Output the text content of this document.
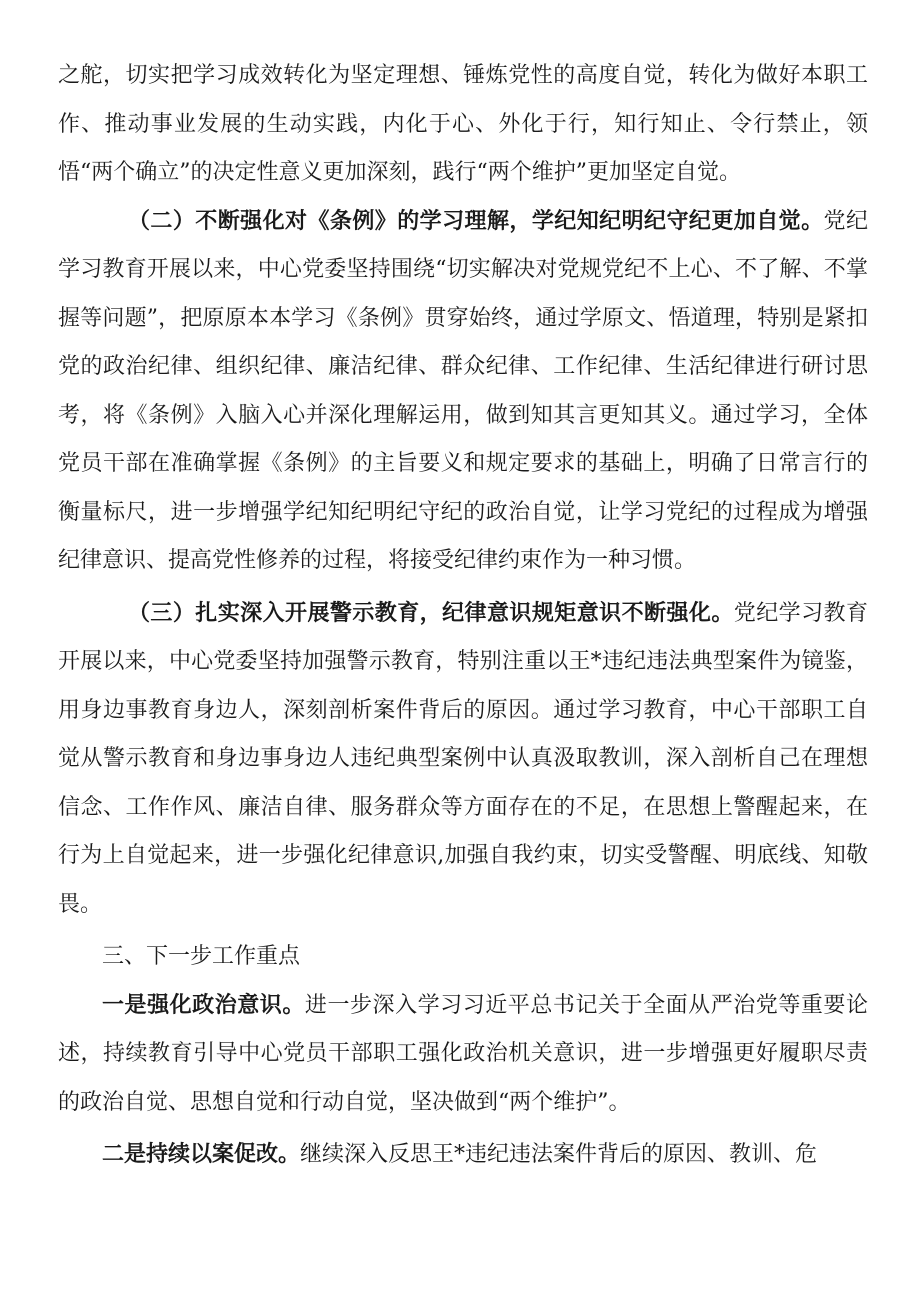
之舵，切实把学习成效转化为坚定理想、锤炼党性的高度自觉，转化为做好本职工作、推动事业发展的生动实践，内化于心、外化于行，知行知止、令行禁止，领悟“两个确立”的决定性意义更加深刻，践行“两个维护”更加坚定自觉。

（二）不断强化对《条例》的学习理解，学纪知纪明纪守纪更加自觉。党纪学习教育开展以来，中心党委坚持围绕“切实解决对党规党纪不上心、不了解、不掌握等问题”，把原原本本学习《条例》贯穿始终，通过学原文、悟道理，特别是紧扣党的政治纪律、组织纪律、廉洁纪律、群众纪律、工作纪律、生活纪律进行研讨思考，将《条例》入脑入心并深化理解运用，做到知其言更知其义。通过学习，全体党员干部在准确掌握《条例》的主旨要义和规定要求的基础上，明确了日常言行的衡量标尺，进一步增强学纪知纪明纪守纪的政治自觉，让学习党纪的过程成为增强纪律意识、提高党性修养的过程，将接受纪律约束作为一种习惯。

（三）扎实深入开展警示教育，纪律意识规矩意识不断强化。党纪学习教育开展以来，中心党委坚持加强警示教育，特别注重以王*违纪违法典型案件为镜鉴，用身边事教育身边人，深刻剖析案件背后的原因。通过学习教育，中心干部职工自觉从警示教育和身边事身边人违纪典型案例中认真汲取教训，深入剖析自己在理想信念、工作作风、廉洁自律、服务群众等方面存在的不足，在思想上警醒起来，在行为上自觉起来，进一步强化纪律意识,加强自我约束，切实受警醒、明底线、知敬畏。

三、下一步工作重点

一是强化政治意识。进一步深入学习习近平总书记关于全面从严治党等重要论述，持续教育引导中心党员干部职工强化政治机关意识，进一步增强更好履职尽责的政治自觉、思想自觉和行动自觉，坚决做到“两个维护”。

二是持续以案促改。继续深入反思王*违纪违法案件背后的原因、教训、危
